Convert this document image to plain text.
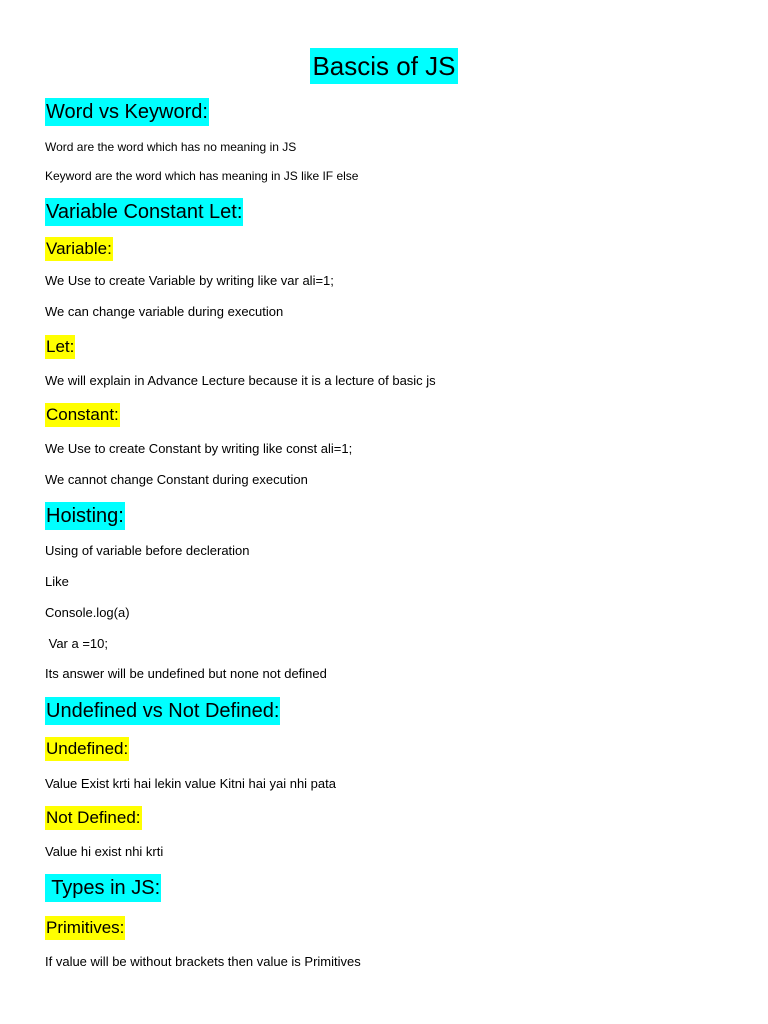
Bascis of JS
Word vs Keyword:
Word are the word which has no meaning in JS
Keyword are the word which has meaning in JS like IF else
Variable Constant Let:
Variable:
We Use to create Variable by writing like var ali=1;
We can change variable during execution
Let:
We will explain in Advance Lecture because it is a lecture of basic js
Constant:
We Use to create Constant by writing like const ali=1;
We cannot change Constant during execution
Hoisting:
Using of variable before decleration
Like
Console.log(a)
Var a =10;
Its answer will be undefined but none not defined
Undefined vs Not Defined:
Undefined:
Value Exist krti hai lekin value Kitni hai yai nhi pata
Not Defined:
Value hi exist nhi krti
Types in JS:
Primitives:
If value will be without brackets then value is Primitives
